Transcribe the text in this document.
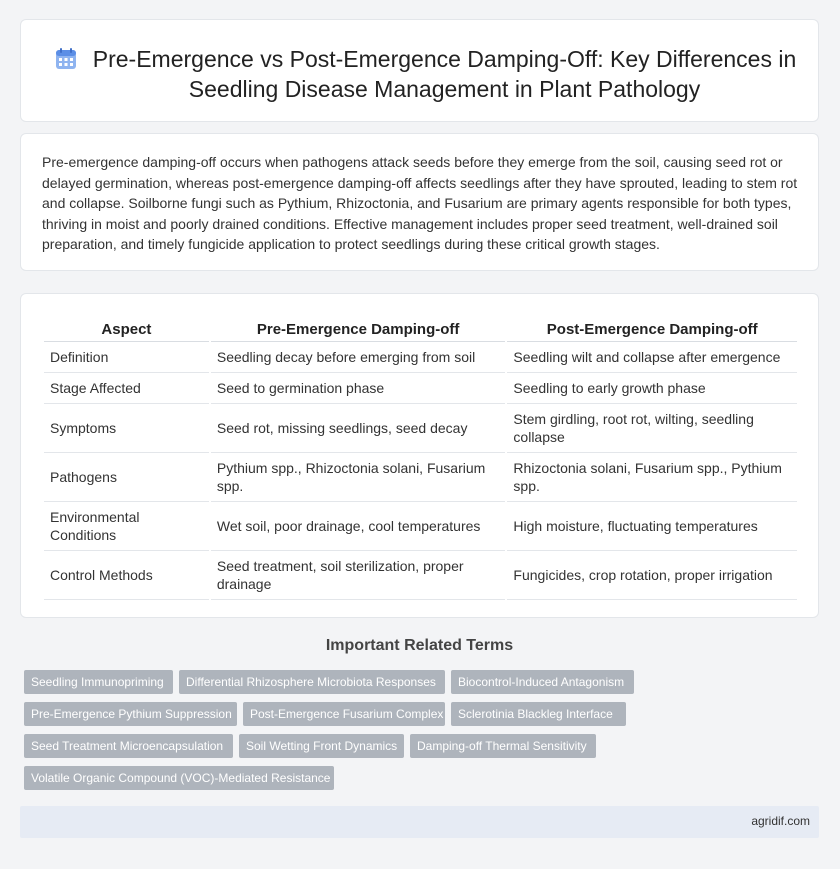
Pre-Emergence vs Post-Emergence Damping-Off: Key Differences in Seedling Disease Management in Plant Pathology

Pre-emergence damping-off occurs when pathogens attack seeds before they emerge from the soil, causing seed rot or delayed germination, whereas post-emergence damping-off affects seedlings after they have sprouted, leading to stem rot and collapse. Soilborne fungi such as Pythium, Rhizoctonia, and Fusarium are primary agents responsible for both types, thriving in moist and poorly drained conditions. Effective management includes proper seed treatment, well-drained soil preparation, and timely fungicide application to protect seedlings during these critical growth stages.

Aspect	Pre-Emergence Damping-off	Post-Emergence Damping-off
Definition	Seedling decay before emerging from soil	Seedling wilt and collapse after emergence
Stage Affected	Seed to germination phase	Seedling to early growth phase
Symptoms	Seed rot, missing seedlings, seed decay	Stem girdling, root rot, wilting, seedling collapse
Pathogens	Pythium spp., Rhizoctonia solani, Fusarium spp.	Rhizoctonia solani, Fusarium spp., Pythium spp.
Environmental Conditions	Wet soil, poor drainage, cool temperatures	High moisture, fluctuating temperatures
Control Methods	Seed treatment, soil sterilization, proper drainage	Fungicides, crop rotation, proper irrigation
Important Related Terms
Seedling Immunopriming	Differential Rhizosphere Microbiota Responses	Biocontrol-Induced Antagonism
Pre-Emergence Pythium Suppression	Post-Emergence Fusarium Complex	Sclerotinia Blackleg Interface
Seed Treatment Microencapsulation	Soil Wetting Front Dynamics	Damping-off Thermal Sensitivity
Volatile Organic Compound (VOC)-Mediated Resistance
agridif.com
